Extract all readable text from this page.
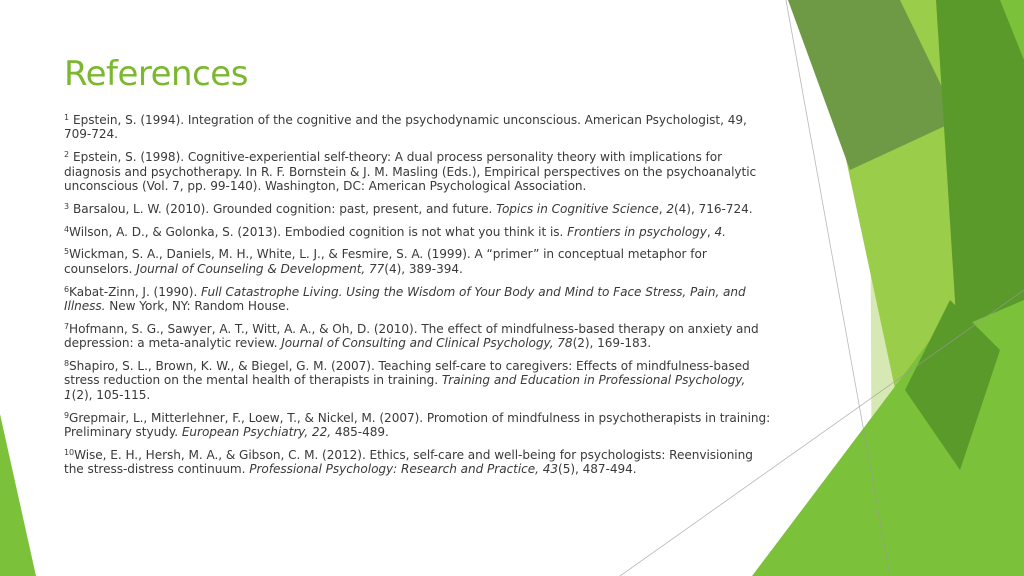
References

$^1$ Epstein, S. (1994). Integration of the cognitive and the psychodynamic unconscious. American Psychologist, 49, 709-724.

$^2$ Epstein, S. (1998). Cognitive-experiential self-theory: A dual process personality theory with implications for diagnosis and psychotherapy. In R. F. Bornstein & J. M. Masling (Eds.), Empirical perspectives on the psychoanalytic unconscious (Vol. 7, pp. 99-140). Washington, DC: American Psychological Association.

$^3$ Barsalou, L. W. (2010). Grounded cognition: past, present, and future. Topics in Cognitive Science, 2(4), 716-724.

$^4$Wilson, A. D., & Golonka, S. (2013). Embodied cognition is not what you think it is. Frontiers in psychology, 4.

$^5$Wickman, S. A., Daniels, M. H., White, L. J., & Fesmire, S. A. (1999). A “primer” in conceptual metaphor for counselors. Journal of Counseling & Development, 77(4), 389-394.

$^6$Kabat-Zinn, J. (1990). Full Catastrophe Living. Using the Wisdom of Your Body and Mind to Face Stress, Pain, and Illness. New York, NY: Random House.

$^7$Hofmann, S. G., Sawyer, A. T., Witt, A. A., & Oh, D. (2010). The effect of mindfulness-based therapy on anxiety and depression: a meta-analytic review. Journal of Consulting and Clinical Psychology, 78(2), 169-183.

$^8$Shapiro, S. L., Brown, K. W., & Biegel, G. M. (2007). Teaching self-care to caregivers: Effects of mindfulness-based stress reduction on the mental health of therapists in training. Training and Education in Professional Psychology, 1(2), 105-115.

$^9$Grepmair, L., Mitterlehner, F., Loew, T., & Nickel, M. (2007). Promotion of mindfulness in psychotherapists in training: Preliminary styudy. European Psychiatry, 22, 485-489.

$^{10}$Wise, E. H., Hersh, M. A., & Gibson, C. M. (2012). Ethics, self-care and well-being for psychologists: Reenvisioning the stress-distress continuum. Professional Psychology: Research and Practice, 43(5), 487-494.
